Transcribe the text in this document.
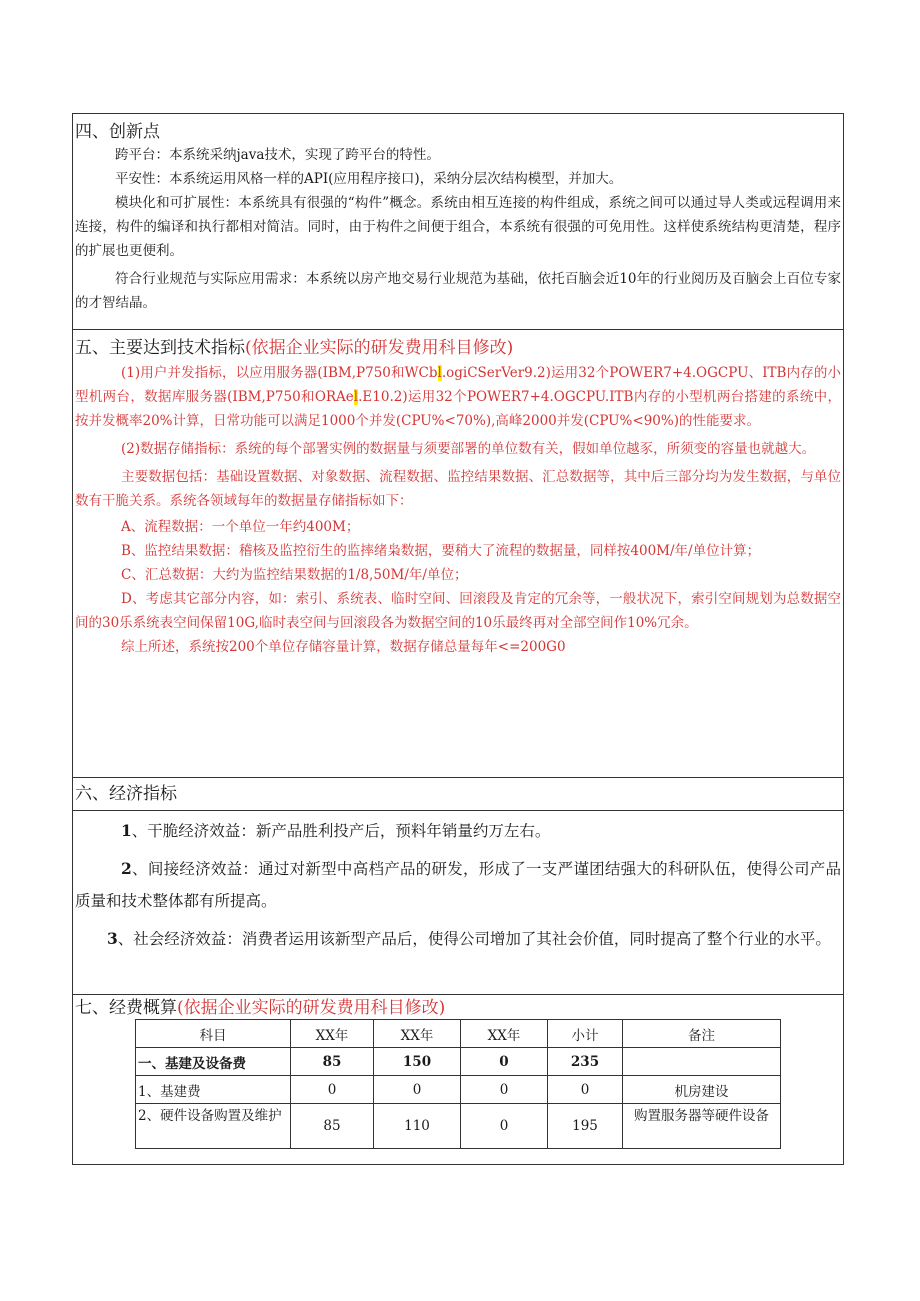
四、创新点

跨平台：本系统采纳java技术，实现了跨平台的特性。

平安性：本系统运用风格一样的API(应用程序接口)，采纳分层次结构模型，并加大。

模块化和可扩展性：本系统具有很强的“构件”概念。系统由相互连接的构件组成，系统之间可以通过导人类或远程调用来连接，构件的编译和执行都相对简洁。同时，由于构件之间便于组合，本系统有很强的可免用性。这样使系统结构更清楚，程序的扩展也更便利。

符合行业规范与实际应用需求：本系统以房产地交易行业规范为基础，依托百脑会近10年的行业阅历及百脑会上百位专家的才智结晶。

五、主要达到技术指标(依据企业实际的研发费用科目修改)

(1)用户并发指标，以应用服务器(IBM,P750和WCbl.ogiCSerVer9.2)运用32个POWER7+4.OGCPU、ITB内存的小型机两台，数据库服务器(IBM,P750和ORAel.E10.2)运用32个POWER7+4.OGCPU.ITB内存的小型机两台搭建的系统中，按并发概率20%计算，日常功能可以满足1000个并发(CPU%<70%),高峰2000并发(CPU%<90%)的性能要求。

(2)数据存储指标：系统的每个部署实例的数据量与须要部署的单位数有关，假如单位越豕，所须变的容量也就越大。

主要数据包括：基础设置数据、对象数据、流程数据、监控结果数据、汇总数据等，其中后三部分均为发生数据，与单位数有干脆关系。系统各领域每年的数据量存储指标如下：

A、流程数据：一个单位一年约400M；

B、监控结果数据：稽核及监控衍生的监摔绪枭数据，要稍大了流程的数据量，同样按400M/年/单位计算；

C、汇总数据：大约为监控结果数据的1/8,50M/年/单位；

D、考虑其它部分内容，如：索引、系统表、临时空间、回滚段及肯定的冗余等，一般状况下，索引空间规划为总数据空间的30乐系统表空间保留10G,临时表空间与回滚段各为数据空间的10乐最终再对全部空间作10%冗余。

综上所述，系统按200个单位存储容量计算，数据存储总量每年<=200G0

六、经济指标

1、干脆经济效益：新产品胜利投产后，预料年销量约万左右。

2、间接经济效益：通过对新型中高档产品的研发，形成了一支严谨团结强大的科研队伍，使得公司产品质量和技术整体都有所提高。

3、社会经济效益：消费者运用该新型产品后，使得公司增加了其社会价值，同时提高了整个行业的水平。

七、经费概算(依据企业实际的研发费用科目修改)
科目	XX年	XX年	XX年	小计	备注
一、基建及设备费	85	150	0	235	
1、基建费	0	0	0	0	机房建设
2、硬件设备购置及维护	85	110	0	195	购置服务器等硬件设备
